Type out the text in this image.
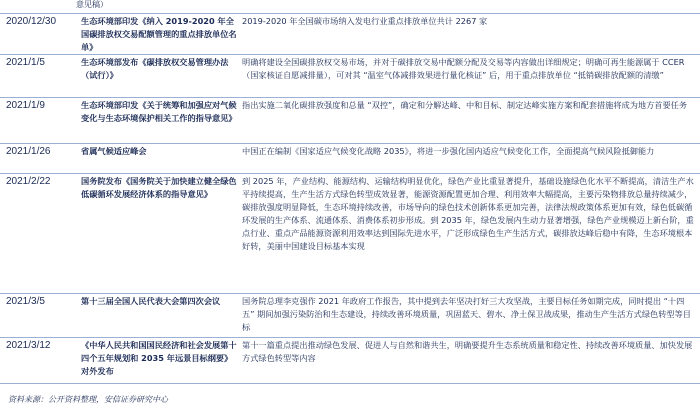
意见稿）
2020/12/30	生态环境部印发《纳入 2019-2020 年全国碳排放权交易配额管理的重点排放单位名单》	2019-2020 年全国碳市场纳入发电行业重点排放单位共计 2267 家
2021/1/5	生态环境部发布《碳排放权交易管理办法（试行）》	明确将建设全国碳排放权交易市场，并对于碳排放交易中配额分配及交易等内容做出详细规定；明确可再生能源属于 CCER（国家核证自愿减排量），可对其 “温室气体减排效果进行量化核证” 后，用于重点排放单位 “抵销碳排放配额的清缴”
2021/1/9	生态环境部印发《关于统筹和加强应对气候变化与生态环境保护相关工作的指导意见》	指出实施二氧化碳排放强度和总量 “双控”，确定和分解达峰、中和目标、制定达峰实施方案和配套措施将成为地方首要任务
2021/1/26	省属气候适应峰会	中国正在编制《国家适应气候变化战略 2035》，将进一步强化国内适应气候变化工作，全面提高气候风险抵御能力
2021/2/22	国务院发布《国务院关于加快建立健全绿色低碳循环发展经济体系的指导意见》	到 2025 年，产业结构、能源结构、运输结构明显优化，绿色产业比重显著提升，基础设施绿色化水平不断提高，清洁生产水平持续提高，生产生活方式绿色转型成效显著，能源资源配置更加合理、利用效率大幅提高，主要污染物排放总量持续减少，碳排放强度明显降低，生态环境持续改善，市场导向的绿色技术创新体系更加完善，法律法规政策体系更加有效，绿色低碳循环发展的生产体系、流通体系、消费体系初步形成。到 2035 年，绿色发展内生动力显著增强，绿色产业规模迈上新台阶，重点行业、重点产品能源资源利用效率达到国际先进水平，广泛形成绿色生产生活方式，碳排放达峰后稳中有降，生态环境根本好转，美丽中国建设目标基本实现
2021/3/5	第十三届全国人民代表大会第四次会议	国务院总理李克强作 2021 年政府工作报告，其中提到去年坚决打好三大攻坚战，主要目标任务如期完成，同时提出 “十四五” 期间加强污染防治和生态建设，持续改善环境质量，巩固蓝天、碧水、净土保卫战成果，推动生产生活方式绿色转型等目标
2021/3/12	《中华人民共和国国民经济和社会发展第十四个五年规划和 2035 年远景目标纲要》对外发布	第十一篇重点提出推动绿色发展、促进人与自然和谐共生，明确要提升生态系统质量和稳定性、持续改善环境质量、加快发展方式绿色转型等内容
资料来源：公开资料整理，安信证券研究中心
